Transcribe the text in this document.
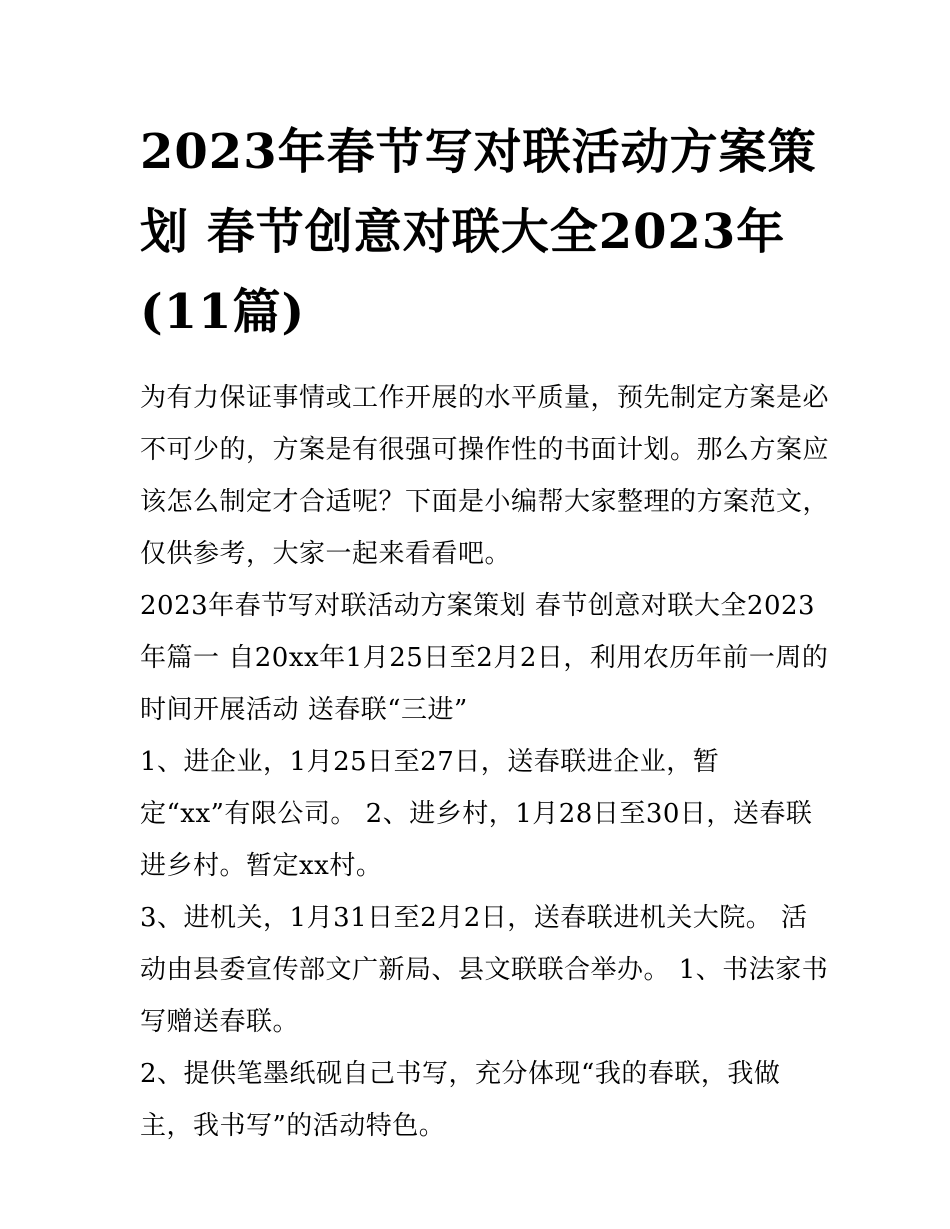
2023年春节写对联活动方案策划 春节创意对联大全2023年(11篇)

为有力保证事情或工作开展的水平质量，预先制定方案是必不可少的，方案是有很强可操作性的书面计划。那么方案应该怎么制定才合适呢？下面是小编帮大家整理的方案范文，仅供参考，大家一起来看看吧。

2023年春节写对联活动方案策划 春节创意对联大全2023年篇一 自20xx年1月25日至2月2日，利用农历年前一周的时间开展活动 送春联“三进”

1、进企业，1月25日至27日，送春联进企业，暂定“xx”有限公司。 2、进乡村，1月28日至30日，送春联进乡村。暂定xx村。

3、进机关，1月31日至2月2日，送春联进机关大院。 活动由县委宣传部文广新局、县文联联合举办。 1、书法家书写赠送春联。

2、提供笔墨纸砚自己书写，充分体现“我的春联，我做主，我书写”的活动特色。
